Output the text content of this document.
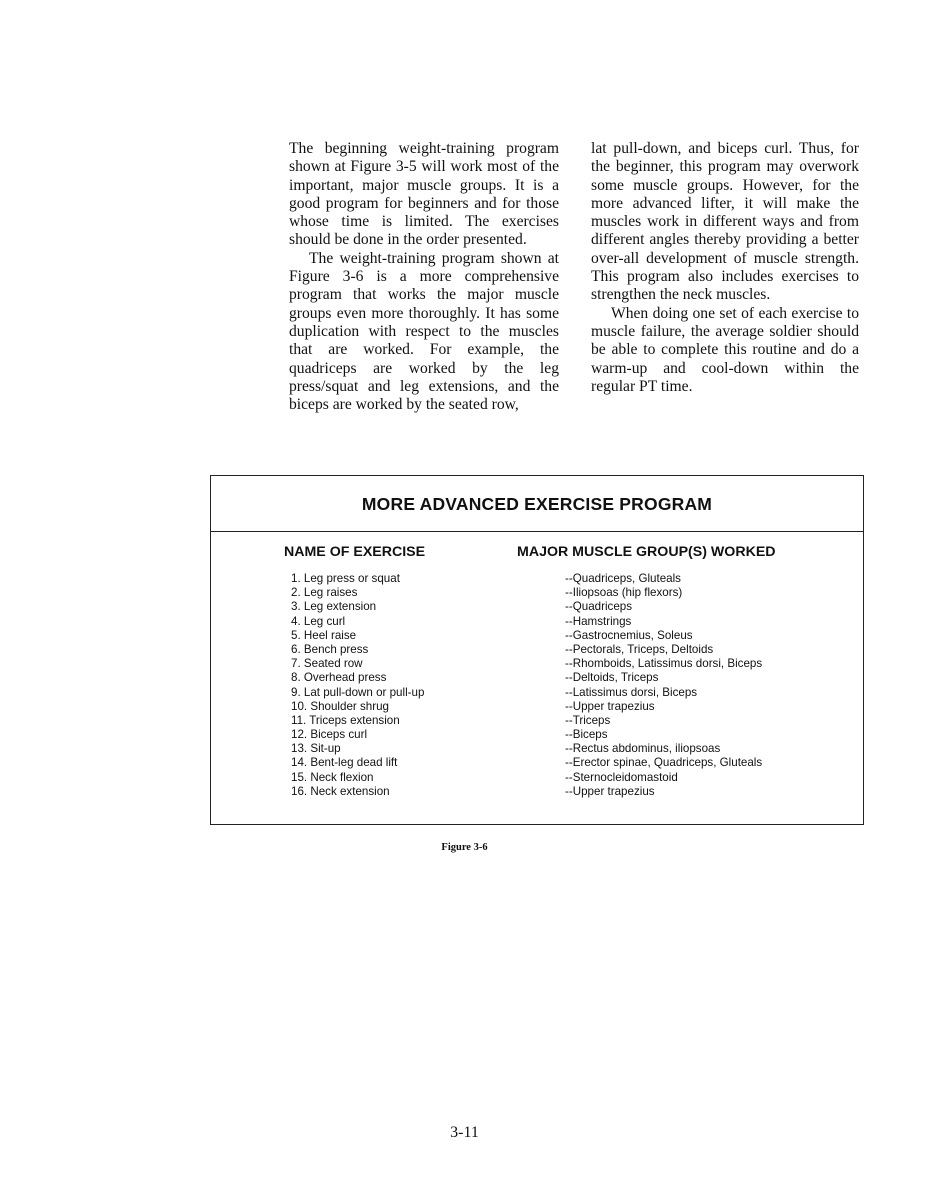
The beginning weight-training program shown at Figure 3-5 will work most of the important, major muscle groups. It is a good program for beginners and for those whose time is limited. The exercises should be done in the order presented.

The weight-training program shown at Figure 3-6 is a more comprehensive program that works the major muscle groups even more thoroughly. It has some duplication with respect to the muscles that are worked. For example, the quadriceps are worked by the leg press/squat and leg extensions, and the biceps are worked by the seated row,

lat pull-down, and biceps curl. Thus, for the beginner, this program may overwork some muscle groups. However, for the more advanced lifter, it will make the muscles work in different ways and from different angles thereby providing a better over-all development of muscle strength. This program also includes exercises to strengthen the neck muscles.

When doing one set of each exercise to muscle failure, the average soldier should be able to complete this routine and do a warm-up and cool-down within the regular PT time.

MORE ADVANCED EXERCISE PROGRAM
NAME OF EXERCISE	MAJOR MUSCLE GROUP(S) WORKED
1. Leg press or squat
2. Leg raises
3. Leg extension
4. Leg curl
5. Heel raise
6. Bench press
7. Seated row
8. Overhead press
9. Lat pull-down or pull-up
10. Shoulder shrug
11. Triceps extension
12. Biceps curl
13. Sit-up
14. Bent-leg dead lift
15. Neck flexion
16. Neck extension
--Quadriceps, Gluteals
--Iliopsoas (hip flexors)
--Quadriceps
--Hamstrings
--Gastrocnemius, Soleus
--Pectorals, Triceps, Deltoids
--Rhomboids, Latissimus dorsi, Biceps
--Deltoids, Triceps
--Latissimus dorsi, Biceps
--Upper trapezius
--Triceps
--Biceps
--Rectus abdominus, iliopsoas
--Erector spinae, Quadriceps, Gluteals
--Sternocleidomastoid
--Upper trapezius
Figure 3-6
3-11
